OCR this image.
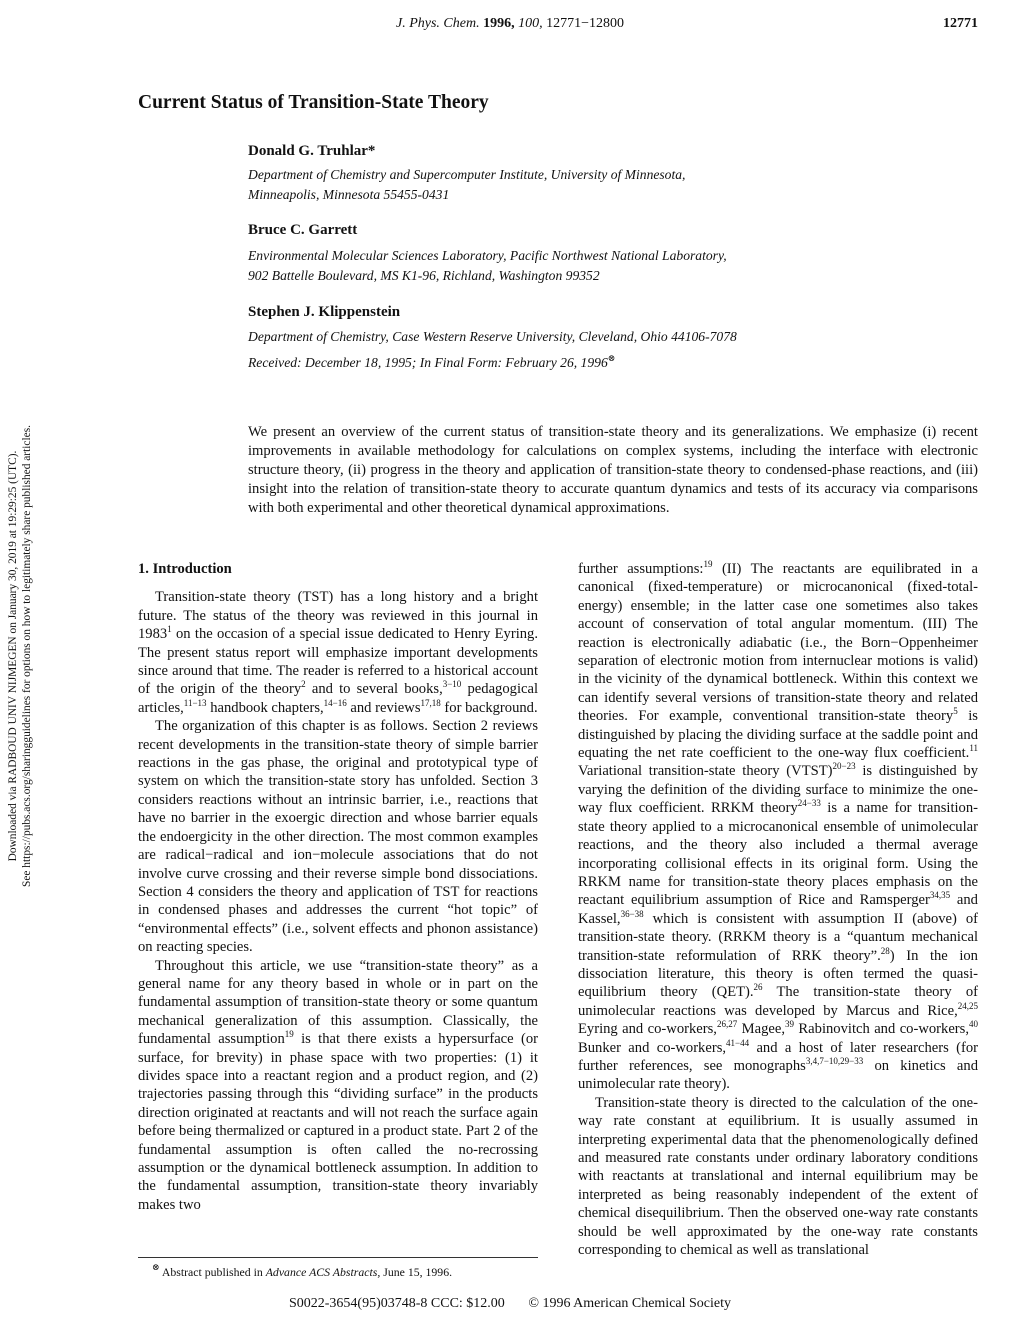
J. Phys. Chem. 1996, 100, 12771−12800	12771
Current Status of Transition-State Theory
Donald G. Truhlar*
Department of Chemistry and Supercomputer Institute, University of Minnesota,
Minneapolis, Minnesota 55455-0431
Bruce C. Garrett
Environmental Molecular Sciences Laboratory, Pacific Northwest National Laboratory,
902 Battelle Boulevard, MS K1-96, Richland, Washington 99352
Stephen J. Klippenstein
Department of Chemistry, Case Western Reserve University, Cleveland, Ohio 44106-7078
Received: December 18, 1995; In Final Form: February 26, 1996⊗
We present an overview of the current status of transition-state theory and its generalizations. We emphasize (i) recent improvements in available methodology for calculations on complex systems, including the interface with electronic structure theory, (ii) progress in the theory and application of transition-state theory to condensed-phase reactions, and (iii) insight into the relation of transition-state theory to accurate quantum dynamics and tests of its accuracy via comparisons with both experimental and other theoretical dynamical approximations.
1. Introduction

Transition-state theory (TST) has a long history and a bright future. The status of the theory was reviewed in this journal in 1983$^1$ on the occasion of a special issue dedicated to Henry Eyring. The present status report will emphasize important developments since around that time. The reader is referred to a historical account of the origin of the theory$^2$ and to several books,$^{3-10}$ pedagogical articles,$^{11-13}$ handbook chapters,$^{14-16}$ and reviews$^{17,18}$ for background.

The organization of this chapter is as follows. Section 2 reviews recent developments in the transition-state theory of simple barrier reactions in the gas phase, the original and prototypical type of system on which the transition-state story has unfolded. Section 3 considers reactions without an intrinsic barrier, i.e., reactions that have no barrier in the exoergic direction and whose barrier equals the endoergicity in the other direction. The most common examples are radical−radical and ion−molecule associations that do not involve curve crossing and their reverse simple bond dissociations. Section 4 considers the theory and application of TST for reactions in condensed phases and addresses the current “hot topic” of “environmental effects” (i.e., solvent effects and phonon assistance) on reacting species.

Throughout this article, we use “transition-state theory” as a general name for any theory based in whole or in part on the fundamental assumption of transition-state theory or some quantum mechanical generalization of this assumption. Classically, the fundamental assumption$^{19}$ is that there exists a hypersurface (or surface, for brevity) in phase space with two properties: (1) it divides space into a reactant region and a product region, and (2) trajectories passing through this “dividing surface” in the products direction originated at reactants and will not reach the surface again before being thermalized or captured in a product state. Part 2 of the fundamental assumption is often called the no-recrossing assumption or the dynamical bottleneck assumption. In addition to the fundamental assumption, transition-state theory invariably makes two

further assumptions:$^{19}$ (II) The reactants are equilibrated in a canonical (fixed-temperature) or microcanonical (fixed-total-energy) ensemble; in the latter case one sometimes also takes account of conservation of total angular momentum. (III) The reaction is electronically adiabatic (i.e., the Born−Oppenheimer separation of electronic motion from internuclear motions is valid) in the vicinity of the dynamical bottleneck. Within this context we can identify several versions of transition-state theory and related theories. For example, conventional transition-state theory$^5$ is distinguished by placing the dividing surface at the saddle point and equating the net rate coefficient to the one-way flux coefficient.$^{11}$ Variational transition-state theory (VTST)$^{20-23}$ is distinguished by varying the definition of the dividing surface to minimize the one-way flux coefficient. RRKM theory$^{24-33}$ is a name for transition-state theory applied to a microcanonical ensemble of unimolecular reactions, and the theory also included a thermal average incorporating collisional effects in its original form. Using the RRKM name for transition-state theory places emphasis on the reactant equilibrium assumption of Rice and Ramsperger$^{34,35}$ and Kassel,$^{36-38}$ which is consistent with assumption II (above) of transition-state theory. (RRKM theory is a “quantum mechanical transition-state reformulation of RRK theory”.$^{28}$) In the ion dissociation literature, this theory is often termed the quasi-equilibrium theory (QET).$^{26}$ The transition-state theory of unimolecular reactions was developed by Marcus and Rice,$^{24,25}$ Eyring and co-workers,$^{26,27}$ Magee,$^{39}$ Rabinovitch and co-workers,$^{40}$ Bunker and co-workers,$^{41-44}$ and a host of later researchers (for further references, see monographs$^{3,4,7-10,29-33}$ on kinetics and unimolecular rate theory).

Transition-state theory is directed to the calculation of the one-way rate constant at equilibrium. It is usually assumed in interpreting experimental data that the phenomenologically defined and measured rate constants under ordinary laboratory conditions with reactants at translational and internal equilibrium may be interpreted as being reasonably independent of the extent of chemical disequilibrium. Then the observed one-way rate constants should be well approximated by the one-way rate constants corresponding to chemical as well as translational

⊗ Abstract published in Advance ACS Abstracts, June 15, 1996.
S0022-3654(95)03748-8 CCC: $12.00 © 1996 American Chemical Society
Downloaded via RADBOUD UNIV NIJMEGEN on January 30, 2019 at 19:29:25 (UTC). See https://pubs.acs.org/sharingguidelines for options on how to legitimately share published articles.
